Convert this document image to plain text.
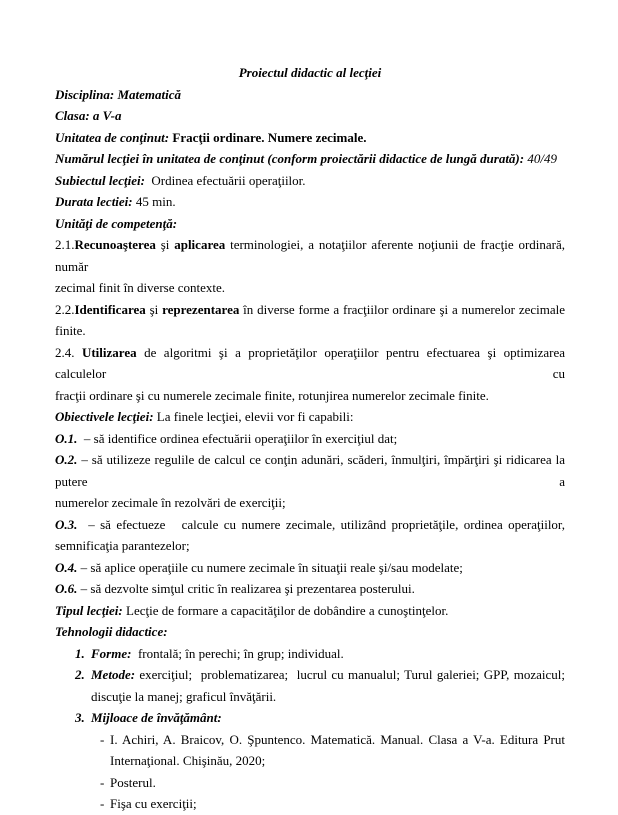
Proiectul didactic al lecţiei
Disciplina: Matematică
Clasa: a V-a
Unitatea de conţinut: Fracţii ordinare. Numere zecimale.
Numărul lecţiei în unitatea de conţinut (conform proiectării didactice de lungă durată): 40/49
Subiectul lecţiei:  Ordinea efectuării operaţiilor.
Durata lectiei: 45 min.
Unităţi de competenţă:
2.1.Recunoaşterea şi aplicarea terminologiei, a notaţiilor aferente noţiunii de fracţie ordinară, număr
zecimal finit în diverse contexte.
2.2.Identificarea şi reprezentarea în diverse forme a fracţiilor ordinare şi a numerelor zecimale finite.
2.4. Utilizarea de algoritmi şi a proprietăţilor operaţiilor pentru efectuarea şi optimizarea calculelor cu
fracţii ordinare şi cu numerele zecimale finite, rotunjirea numerelor zecimale finite.
Obiectivele lecţiei: La finele lecţiei, elevii vor fi capabili:
O.1.  – să identifice ordinea efectuării operaţiilor în exerciţiul dat;
O.2. – să utilizeze regulile de calcul ce conţin adunări, scăderi, înmulţiri, împărţiri şi ridicarea la putere a
numerelor zecimale în rezolvări de exerciţii;
O.3.  – să efectueze   calcule cu numere zecimale, utilizând proprietăţile, ordinea operaţiilor,
semnificaţia parantezelor;
O.4. – să aplice operaţiile cu numere zecimale în situaţii reale şi/sau modelate;
O.6. – să dezvolte simţul critic în realizarea şi prezentarea posterului.
Tipul lecţiei: Lecţie de formare a capacităţilor de dobândire a cunoştinţelor.
Tehnologii didactice:
1. Forme:  frontală; în perechi; în grup; individual.
2. Metode: exerciţiul;  problematizarea;  lucrul cu manualul; Turul galeriei; GPP, mozaicul;
discuţie la manej; graficul învăţării.
3. Mijloace de învăţământ:
- I. Achiri, A. Braicov, O. Şpuntenco. Matematică. Manual. Clasa a V-a. Editura Prut
Internaţional. Chişinău, 2020;
- Posterul.
- Fişa cu exerciţii;
